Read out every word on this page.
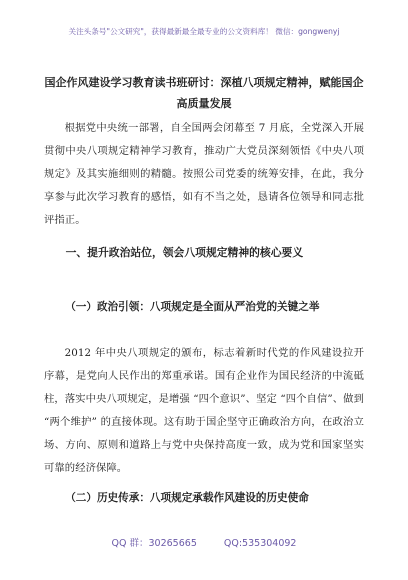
关注头条号"公文研究"，获得最新最全最专业的公文资料库！ 微信：gongwenyj
国企作风建设学习教育读书班研讨：深植八项规定精神，赋能国企高质量发展
根据党中央统一部署，自全国两会闭幕至 7 月底，全党深入开展贯彻中央八项规定精神学习教育，推动广大党员深刻领悟《中央八项规定》及其实施细则的精髓。按照公司党委的统筹安排，在此，我分享参与此次学习教育的感悟，如有不当之处，恳请各位领导和同志批评指正。
一、提升政治站位，领会八项规定精神的核心要义
（一）政治引领：八项规定是全面从严治党的关键之举
2012 年中央八项规定的颁布，标志着新时代党的作风建设拉开序幕，是党向人民作出的郑重承诺。国有企业作为国民经济的中流砥柱，落实中央八项规定，是增强 “四个意识”、坚定 “四个自信”、做到 “两个维护” 的直接体现。这有助于国企坚守正确政治方向，在政治立场、方向、原则和道路上与党中央保持高度一致，成为党和国家坚实可靠的经济保障。
（二）历史传承：八项规定承载作风建设的历史使命
QQ 群：30265665	QQ:535304092
